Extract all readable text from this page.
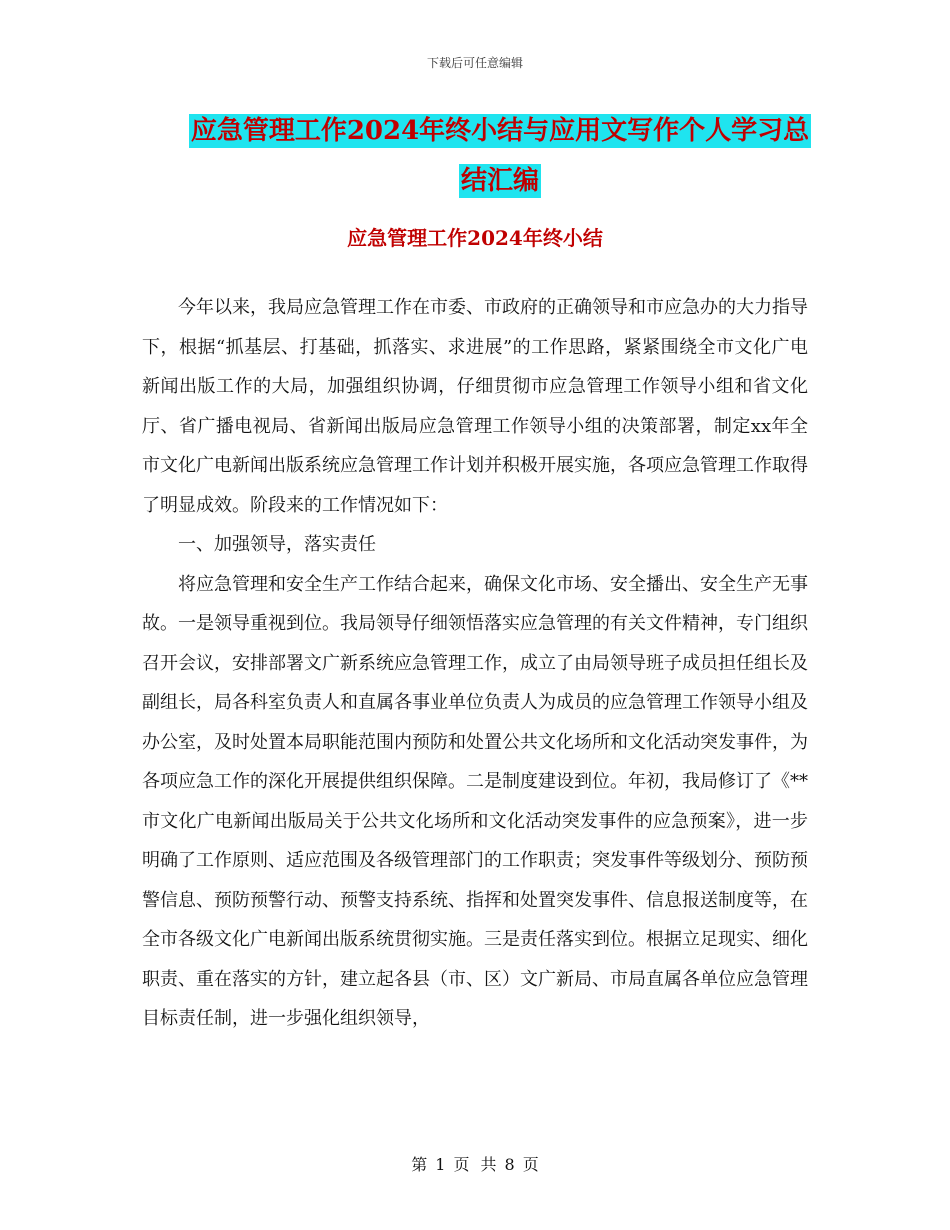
下载后可任意编辑
应急管理工作2024年终小结与应用文写作个人学习总
结汇编
应急管理工作2024年终小结

今年以来，我局应急管理工作在市委、市政府的正确领导和市应急办的大力指导下，根据“抓基层、打基础，抓落实、求进展”的工作思路，紧紧围绕全市文化广电新闻出版工作的大局，加强组织协调，仔细贯彻市应急管理工作领导小组和省文化厅、省广播电视局、省新闻出版局应急管理工作领导小组的决策部署，制定xx年全市文化广电新闻出版系统应急管理工作计划并积极开展实施，各项应急管理工作取得了明显成效。阶段来的工作情况如下：

一、加强领导，落实责任

将应急管理和安全生产工作结合起来，确保文化市场、安全播出、安全生产无事故。一是领导重视到位。我局领导仔细领悟落实应急管理的有关文件精神，专门组织召开会议，安排部署文广新系统应急管理工作，成立了由局领导班子成员担任组长及副组长，局各科室负责人和直属各事业单位负责人为成员的应急管理工作领导小组及办公室，及时处置本局职能范围内预防和处置公共文化场所和文化活动突发事件，为各项应急工作的深化开展提供组织保障。二是制度建设到位。年初，我局修订了《**市文化广电新闻出版局关于公共文化场所和文化活动突发事件的应急预案》，进一步明确了工作原则、适应范围及各级管理部门的工作职责；突发事件等级划分、预防预警信息、预防预警行动、预警支持系统、指挥和处置突发事件、信息报送制度等，在全市各级文化广电新闻出版系统贯彻实施。三是责任落实到位。根据立足现实、细化职责、重在落实的方针，建立起各县（市、区）文广新局、市局直属各单位应急管理目标责任制，进一步强化组织领导，

第 1 页 共 8 页
